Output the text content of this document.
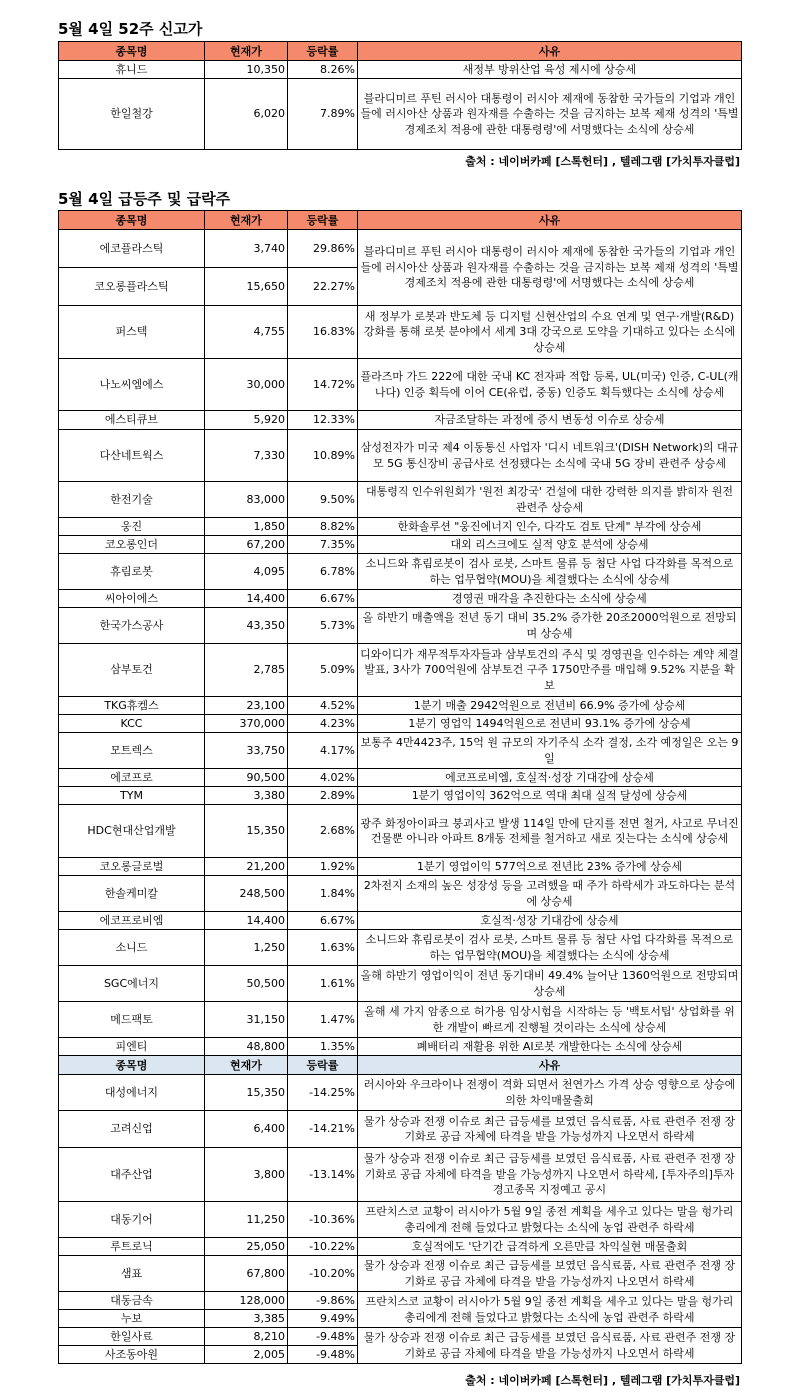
5월 4일 52주 신고가
종목명	현재가	등락률	사유
휴니드	10,350	8.26%	새정부 방위산업 육성 제시에 상승세
한일철강	6,020	7.89%	블라디미르 푸틴 러시아 대통령이 러시아 제재에 동참한 국가들의 기업과 개인들에 러시아산 상품과 원자재를 수출하는 것을 금지하는 보복 제재 성격의 '특별 경제조치 적용에 관한 대통령령'에 서명했다는 소식에 상승세
출처 : 네이버카페 [스톡헌터] , 텔레그램 [가치투자클럽]
5월 4일 급등주 및 급락주
종목명	현재가	등락률	사유
에코플라스틱	3,740	29.86%	블라디미르 푸틴 러시아 대통령이 러시아 제재에 동참한 국가들의 기업과 개인들에 러시아산 상품과 원자재를 수출하는 것을 금지하는 보복 제재 성격의 '특별 경제조치 적용에 관한 대통령령'에 서명했다는 소식에 상승세
코오롱플라스틱	15,650	22.27%	
퍼스텍	4,755	16.83%	새 정부가 로봇과 반도체 등 디지털 신현산업의 수요 연계 및 연구·개발(R&D) 강화를 통해 로봇 분야에서 세계 3대 강국으로 도약을 기대하고 있다는 소식에 상승세
나노씨엠에스	30,000	14.72%	플라즈마 가드 222에 대한 국내 KC 전자파 적합 등록, UL(미국) 인증, C-UL(캐나다) 인증 획득에 이어 CE(유럽, 중동) 인증도 획득했다는 소식에 상승세
에스티큐브	5,920	12.33%	자금조달하는 과정에 증시 변동성 이슈로 상승세
다산네트웍스	7,330	10.89%	삼성전자가 미국 제4 이동통신 사업자 '디시 네트워크'(DISH Network)의 대규모 5G 통신장비 공급사로 선정됐다는 소식에 국내 5G 장비 관련주 상승세
한전기술	83,000	9.50%	대통령직 인수위원회가 '원전 최강국' 건설에 대한 강력한 의지를 밝히자 원전 관련주 상승세
웅진	1,850	8.82%	한화솔루션 "웅진에너지 인수, 다각도 검토 단계" 부각에 상승세
코오롱인더	67,200	7.35%	대외 리스크에도 실적 양호 분석에 상승세
휴림로봇	4,095	6.78%	소니드와 휴림로봇이 검사 로봇, 스마트 물류 등 첨단 사업 다각화를 목적으로 하는 업무협약(MOU)을 체결했다는 소식에 상승세
씨아이에스	14,400	6.67%	경영권 매각을 추진한다는 소식에 상승세
한국가스공사	43,350	5.73%	올 하반기 매출액을 전년 동기 대비 35.2% 증가한 20조2000억원으로 전망되며 상승세
삼부토건	2,785	5.09%	디와이디가 재무적투자자들과 삼부토건의 주식 및 경영권을 인수하는 계약 체결 발표, 3사가 700억원에 삼부토건 구주 1750만주를 매입해 9.52% 지분을 확보
TKG휴켐스	23,100	4.52%	1분기 매출 2942억원으로 전년비 66.9% 증가에 상승세
KCC	370,000	4.23%	1분기 영업익 1494억원으로 전년비 93.1% 증가에 상승세
모트렉스	33,750	4.17%	보통주 4만4423주, 15억 원 규모의 자기주식 소각 결정, 소각 예정일은 오는 9일
에코프로	90,500	4.02%	에코프로비엠, 호실적·성장 기대감에 상승세
TYM	3,380	2.89%	1분기 영업이익 362억으로 역대 최대 실적 달성에 상승세
HDC현대산업개발	15,350	2.68%	광주 화정아이파크 붕괴사고 발생 114일 만에 단지를 전면 철거, 사고로 무너진 건물뿐 아니라 아파트 8개동 전체를 철거하고 새로 짓는다는 소식에 상승세
코오롱글로벌	21,200	1.92%	1분기 영업이익 577억으로 전년比 23% 증가에 상승세
한솔케미칼	248,500	1.84%	2차전지 소재의 높은 성장성 등을 고려했을 때 주가 하락세가 과도하다는 분석에 상승세
에코프로비엠	14,400	6.67%	호실적·성장 기대감에 상승세
소니드	1,250	1.63%	소니드와 휴림로봇이 검사 로봇, 스마트 물류 등 첨단 사업 다각화를 목적으로 하는 업무협약(MOU)을 체결했다는 소식에 상승세
SGC에너지	50,500	1.61%	올해 하반기 영업이익이 전년 동기대비 49.4% 늘어난 1360억원으로 전망되며 상승세
메드팩토	31,150	1.47%	올해 세 가지 암종으로 허가용 임상시험을 시작하는 등 '백토서팁' 상업화를 위한 개발이 빠르게 진행될 것이라는 소식에 상승세
피엔티	48,800	1.35%	폐배터리 재활용 위한 AI로봇 개발한다는 소식에 상승세
종목명	현재가	등락률	사유
대성에너지	15,350	-14.25%	러시아와 우크라이나 전쟁이 격화 되면서 천연가스 가격 상승 영향으로 상승에 의한 차익매물출회
고려신업	6,400	-14.21%	물가 상승과 전쟁 이슈로 최근 급등세를 보였던 음식료품, 사료 관련주 전쟁 장기화로 공급 자체에 타격을 받을 가능성까지 나오면서 하락세
대주산업	3,800	-13.14%	물가 상승과 전쟁 이슈로 최근 급등세를 보였던 음식료품, 사료 관련주 전쟁 장기화로 공급 자체에 타격을 받을 가능성까지 나오면서 하락세, [투자주의]투자경고종목 지정예고 공시
대동기어	11,250	-10.36%	프란치스코 교황이 러시아가 5월 9일 종전 계획을 세우고 있다는 말을 헝가리 총리에게 전해 들었다고 밝혔다는 소식에 농업 관련주 하락세
루트로닉	25,050	-10.22%	호실적에도 '단기간 급격하게 오른만큼 차익실현 매물출회
샘표	67,800	-10.20%	물가 상승과 전쟁 이슈로 최근 급등세를 보였던 음식료품, 사료 관련주 전쟁 장기화로 공급 자체에 타격을 받을 가능성까지 나오면서 하락세
대동금속	128,000	-9.86%	프란치스코 교황이 러시아가 5월 9일 종전 계획을 세우고 있다는 말을 헝가리 총리에게 전해 들었다고 밝혔다는 소식에 농업 관련주 하락세
누보	3,385	9.49%	
한일사료	8,210	-9.48%	물가 상승과 전쟁 이슈로 최근 급등세를 보였던 음식료품, 사료 관련주 전쟁 장기화로 공급 자체에 타격을 받을 가능성까지 나오면서 하락세
사조동아원	2,005	-9.48%	
출처 : 네이버카페 [스톡헌터] , 텔레그램 [가치투자클럽]
